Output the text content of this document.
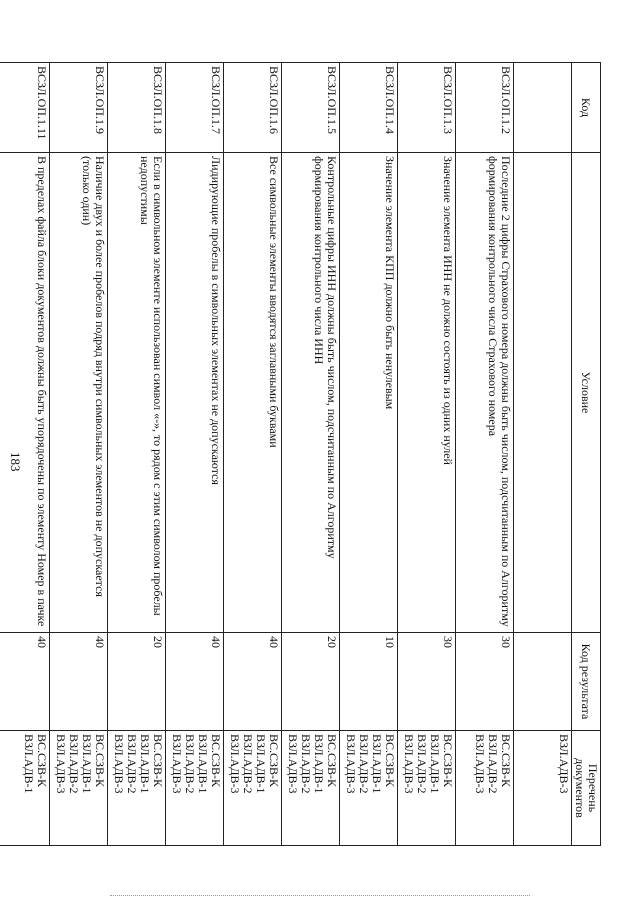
183
Код	Условие	Код результата	Перечень документов

			ВЗЛ.АДВ-3

ВСЗЛ.ОП.1.2	Последние 2 цифры Страхового номера должны быть числом, подсчитанным по Алгоритму формирования контрольного числа Страхового номера	30	ВС.СЗВ-К
ВЗЛ.АДВ-2
ВЗЛ.АДВ-3

ВСЗЛ.ОП.1.3	Значение элемента ИНН не должно состоять из одних нулей	30	ВС.СЗВ-К
ВЗЛ.АДВ-1
ВЗЛ.АДВ-2
ВЗЛ.АДВ-3

ВСЗЛ.ОП.1.4	Значение элемента КПП должно быть ненулевым	10	ВС.СЗВ-К
ВЗЛ.АДВ-1
ВЗЛ.АДВ-2
ВЗЛ.АДВ-3

ВСЗЛ.ОП.1.5	Контрольные цифры ИНН должны быть числом, подсчитанным по Алгоритму формирования контрольного числа ИНН	20	ВС.СЗВ-К
ВЗЛ.АДВ-1
ВЗЛ.АДВ-2
ВЗЛ.АДВ-3

ВСЗЛ.ОП.1.6	Все символьные элементы вводятся заглавными буквами	40	ВС.СЗВ-К
ВЗЛ.АДВ-1
ВЗЛ.АДВ-2
ВЗЛ.АДВ-3

ВСЗЛ.ОП.1.7	Лидирующие пробелы в символьных элементах не допускаются	40	ВС.СЗВ-К
ВЗЛ.АДВ-1
ВЗЛ.АДВ-2
ВЗЛ.АДВ-3

ВСЗЛ.ОП.1.8	Если в символьном элементе использован символ «-», то рядом с этим символом пробелы недопустимы	20	ВС.СЗВ-К
ВЗЛ.АДВ-1
ВЗЛ.АДВ-2
ВЗЛ.АДВ-3

ВСЗЛ.ОП.1.9	Наличие двух и более пробелов подряд внутри символьных элементов не допускается (только один)	40	ВС.СЗВ-К
ВЗЛ.АДВ-1
ВЗЛ.АДВ-2
ВЗЛ.АДВ-3

ВСЗЛ.ОП.1.11	В пределах файла блоки документов должны быть упорядочены по элементу Номер в пачке	40	ВС.СЗВ-К
ВЗЛ.АДВ-1
